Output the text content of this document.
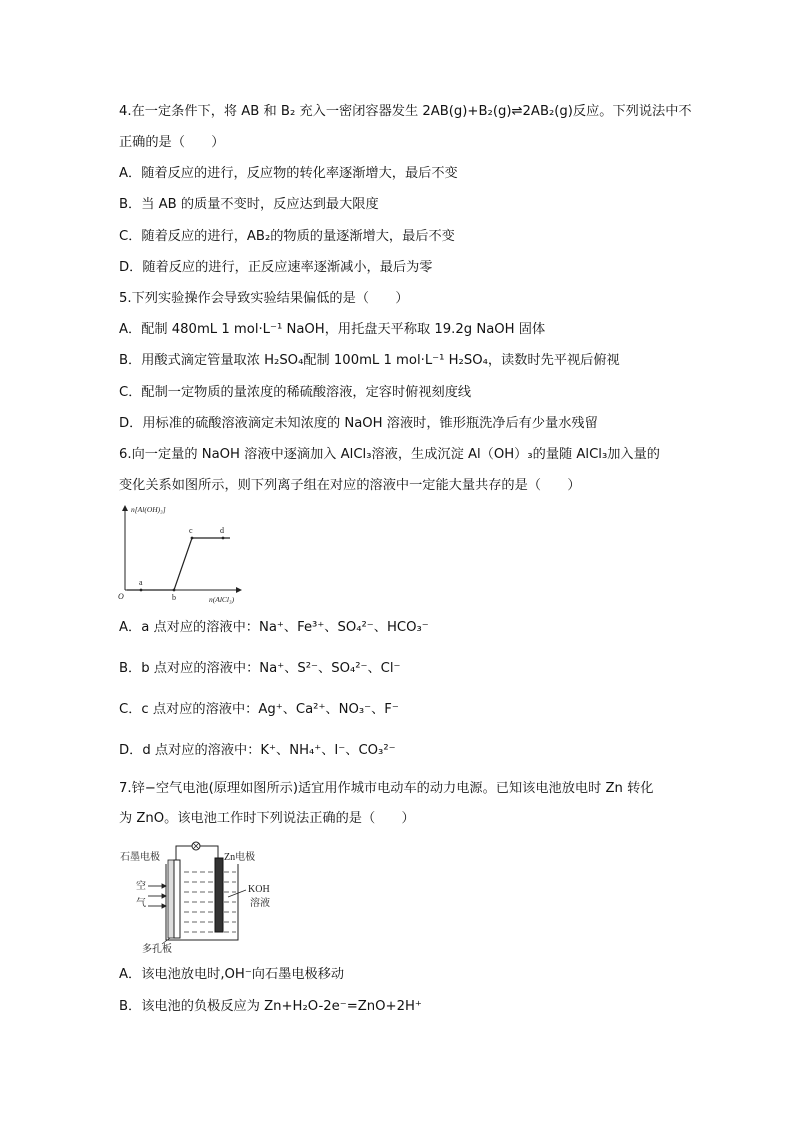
4.在一定条件下，将 AB 和 B₂ 充入一密闭容器发生 2AB(g)+B₂(g)⇌2AB₂(g)反应。下列说法中不
正确的是（　　）
A．随着反应的进行，反应物的转化率逐渐增大，最后不变
B．当 AB 的质量不变时，反应达到最大限度
C．随着反应的进行，AB₂的物质的量逐渐增大，最后不变
D．随着反应的进行，正反应速率逐渐减小，最后为零
5.下列实验操作会导致实验结果偏低的是（　　）
A．配制 480mL 1 mol·L⁻¹ NaOH，用托盘天平称取 19.2g NaOH 固体
B．用酸式滴定管量取浓 H₂SO₄配制 100mL 1 mol·L⁻¹ H₂SO₄，读数时先平视后俯视
C．配制一定物质的量浓度的稀硫酸溶液，定容时俯视刻度线
D．用标准的硫酸溶液滴定未知浓度的 NaOH 溶液时，锥形瓶洗净后有少量水残留
6.向一定量的 NaOH 溶液中逐滴加入 AlCl₃溶液，生成沉淀 Al（OH）₃的量随 AlCl₃加入量的
变化关系如图所示，则下列离子组在对应的溶液中一定能大量共存的是（　　）
n[Al(OH)₃]
n(AlCl₃)
O
a
b
c	d
A．a 点对应的溶液中：Na⁺、Fe³⁺、SO₄²⁻、HCO₃⁻
B．b 点对应的溶液中：Na⁺、S²⁻、SO₄²⁻、Cl⁻
C．c 点对应的溶液中：Ag⁺、Ca²⁺、NO₃⁻、F⁻
D．d 点对应的溶液中：K⁺、NH₄⁺、I⁻、CO₃²⁻
7.锌−空气电池(原理如图所示)适宜用作城市电动车的动力电源。已知该电池放电时 Zn 转化
为 ZnO。该电池工作时下列说法正确的是（　　）
石墨电极	Zn电极
空
气
KOH
溶液
多孔板
A．该电池放电时,OH⁻向石墨电极移动
B．该电池的负极反应为 Zn+H₂O-2e⁻=ZnO+2H⁺
